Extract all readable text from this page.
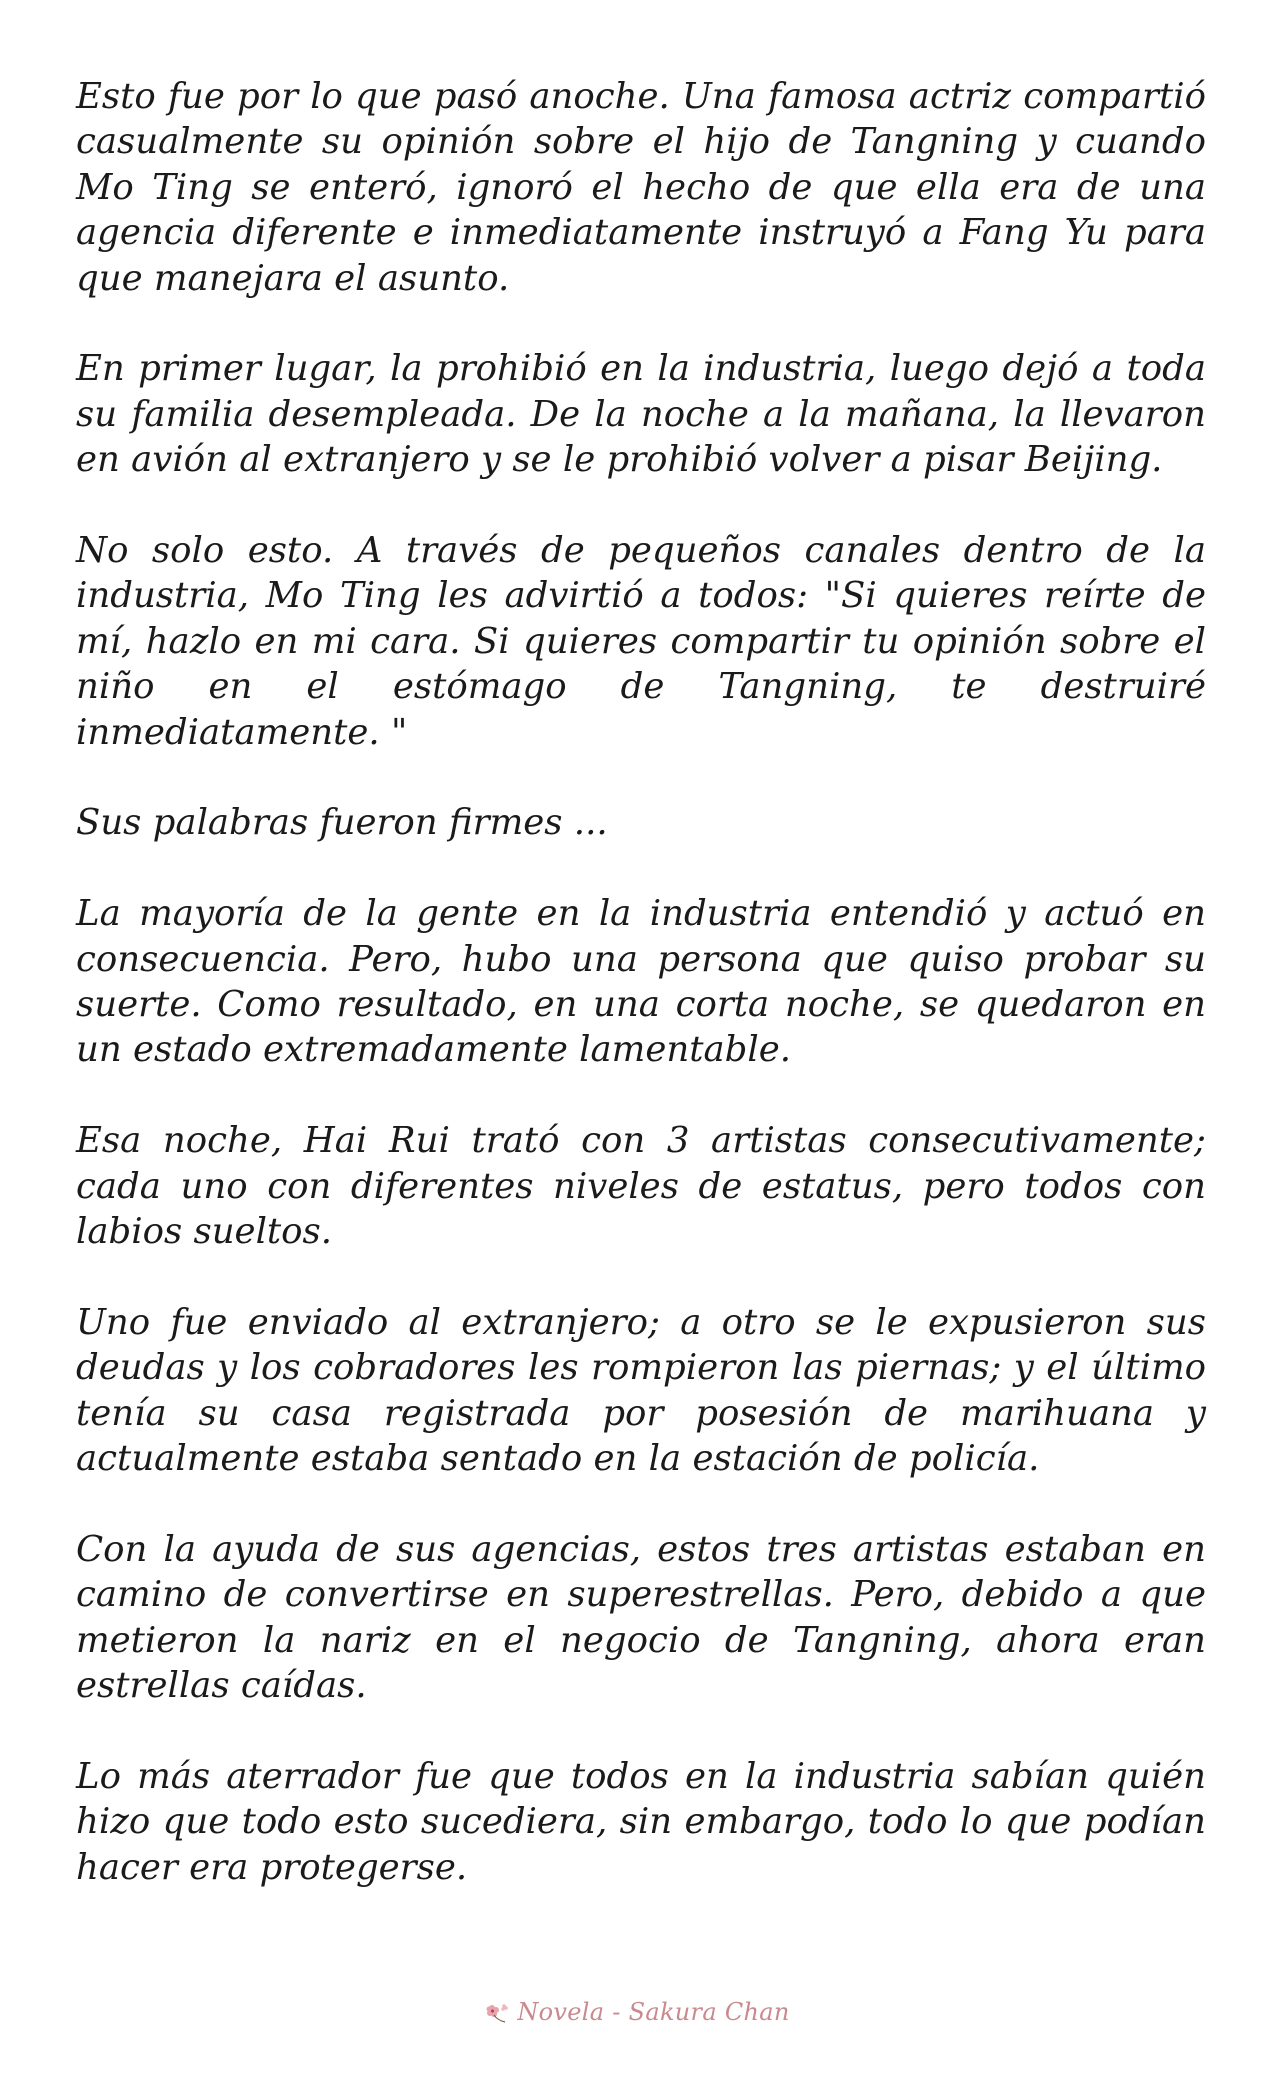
Esto fue por lo que pasó anoche. Una famosa actriz compartió casualmente su opinión sobre el hijo de Tangning y cuando Mo Ting se enteró, ignoró el hecho de que ella era de una agencia diferente e inmediatamente instruyó a Fang Yu para que manejara el asunto.

En primer lugar, la prohibió en la industria, luego dejó a toda su familia desempleada. De la noche a la mañana, la llevaron en avión al extranjero y se le prohibió volver a pisar Beijing.

No solo esto. A través de pequeños canales dentro de la industria, Mo Ting les advirtió a todos: "Si quieres reírte de mí, hazlo en mi cara. Si quieres compartir tu opinión sobre el niño en el estómago de Tangning, te destruiré inmediatamente. "

Sus palabras fueron firmes ...

La mayoría de la gente en la industria entendió y actuó en consecuencia. Pero, hubo una persona que quiso probar su suerte. Como resultado, en una corta noche, se quedaron en un estado extremadamente lamentable.

Esa noche, Hai Rui trató con 3 artistas consecutivamente; cada uno con diferentes niveles de estatus, pero todos con labios sueltos.

Uno fue enviado al extranjero; a otro se le expusieron sus deudas y los cobradores les rompieron las piernas; y el último tenía su casa registrada por posesión de marihuana y actualmente estaba sentado en la estación de policía.

Con la ayuda de sus agencias, estos tres artistas estaban en camino de convertirse en superestrellas. Pero, debido a que metieron la nariz en el negocio de Tangning, ahora eran estrellas caídas.

Lo más aterrador fue que todos en la industria sabían quién hizo que todo esto sucediera, sin embargo, todo lo que podían hacer era protegerse.

Novela - Sakura Chan
